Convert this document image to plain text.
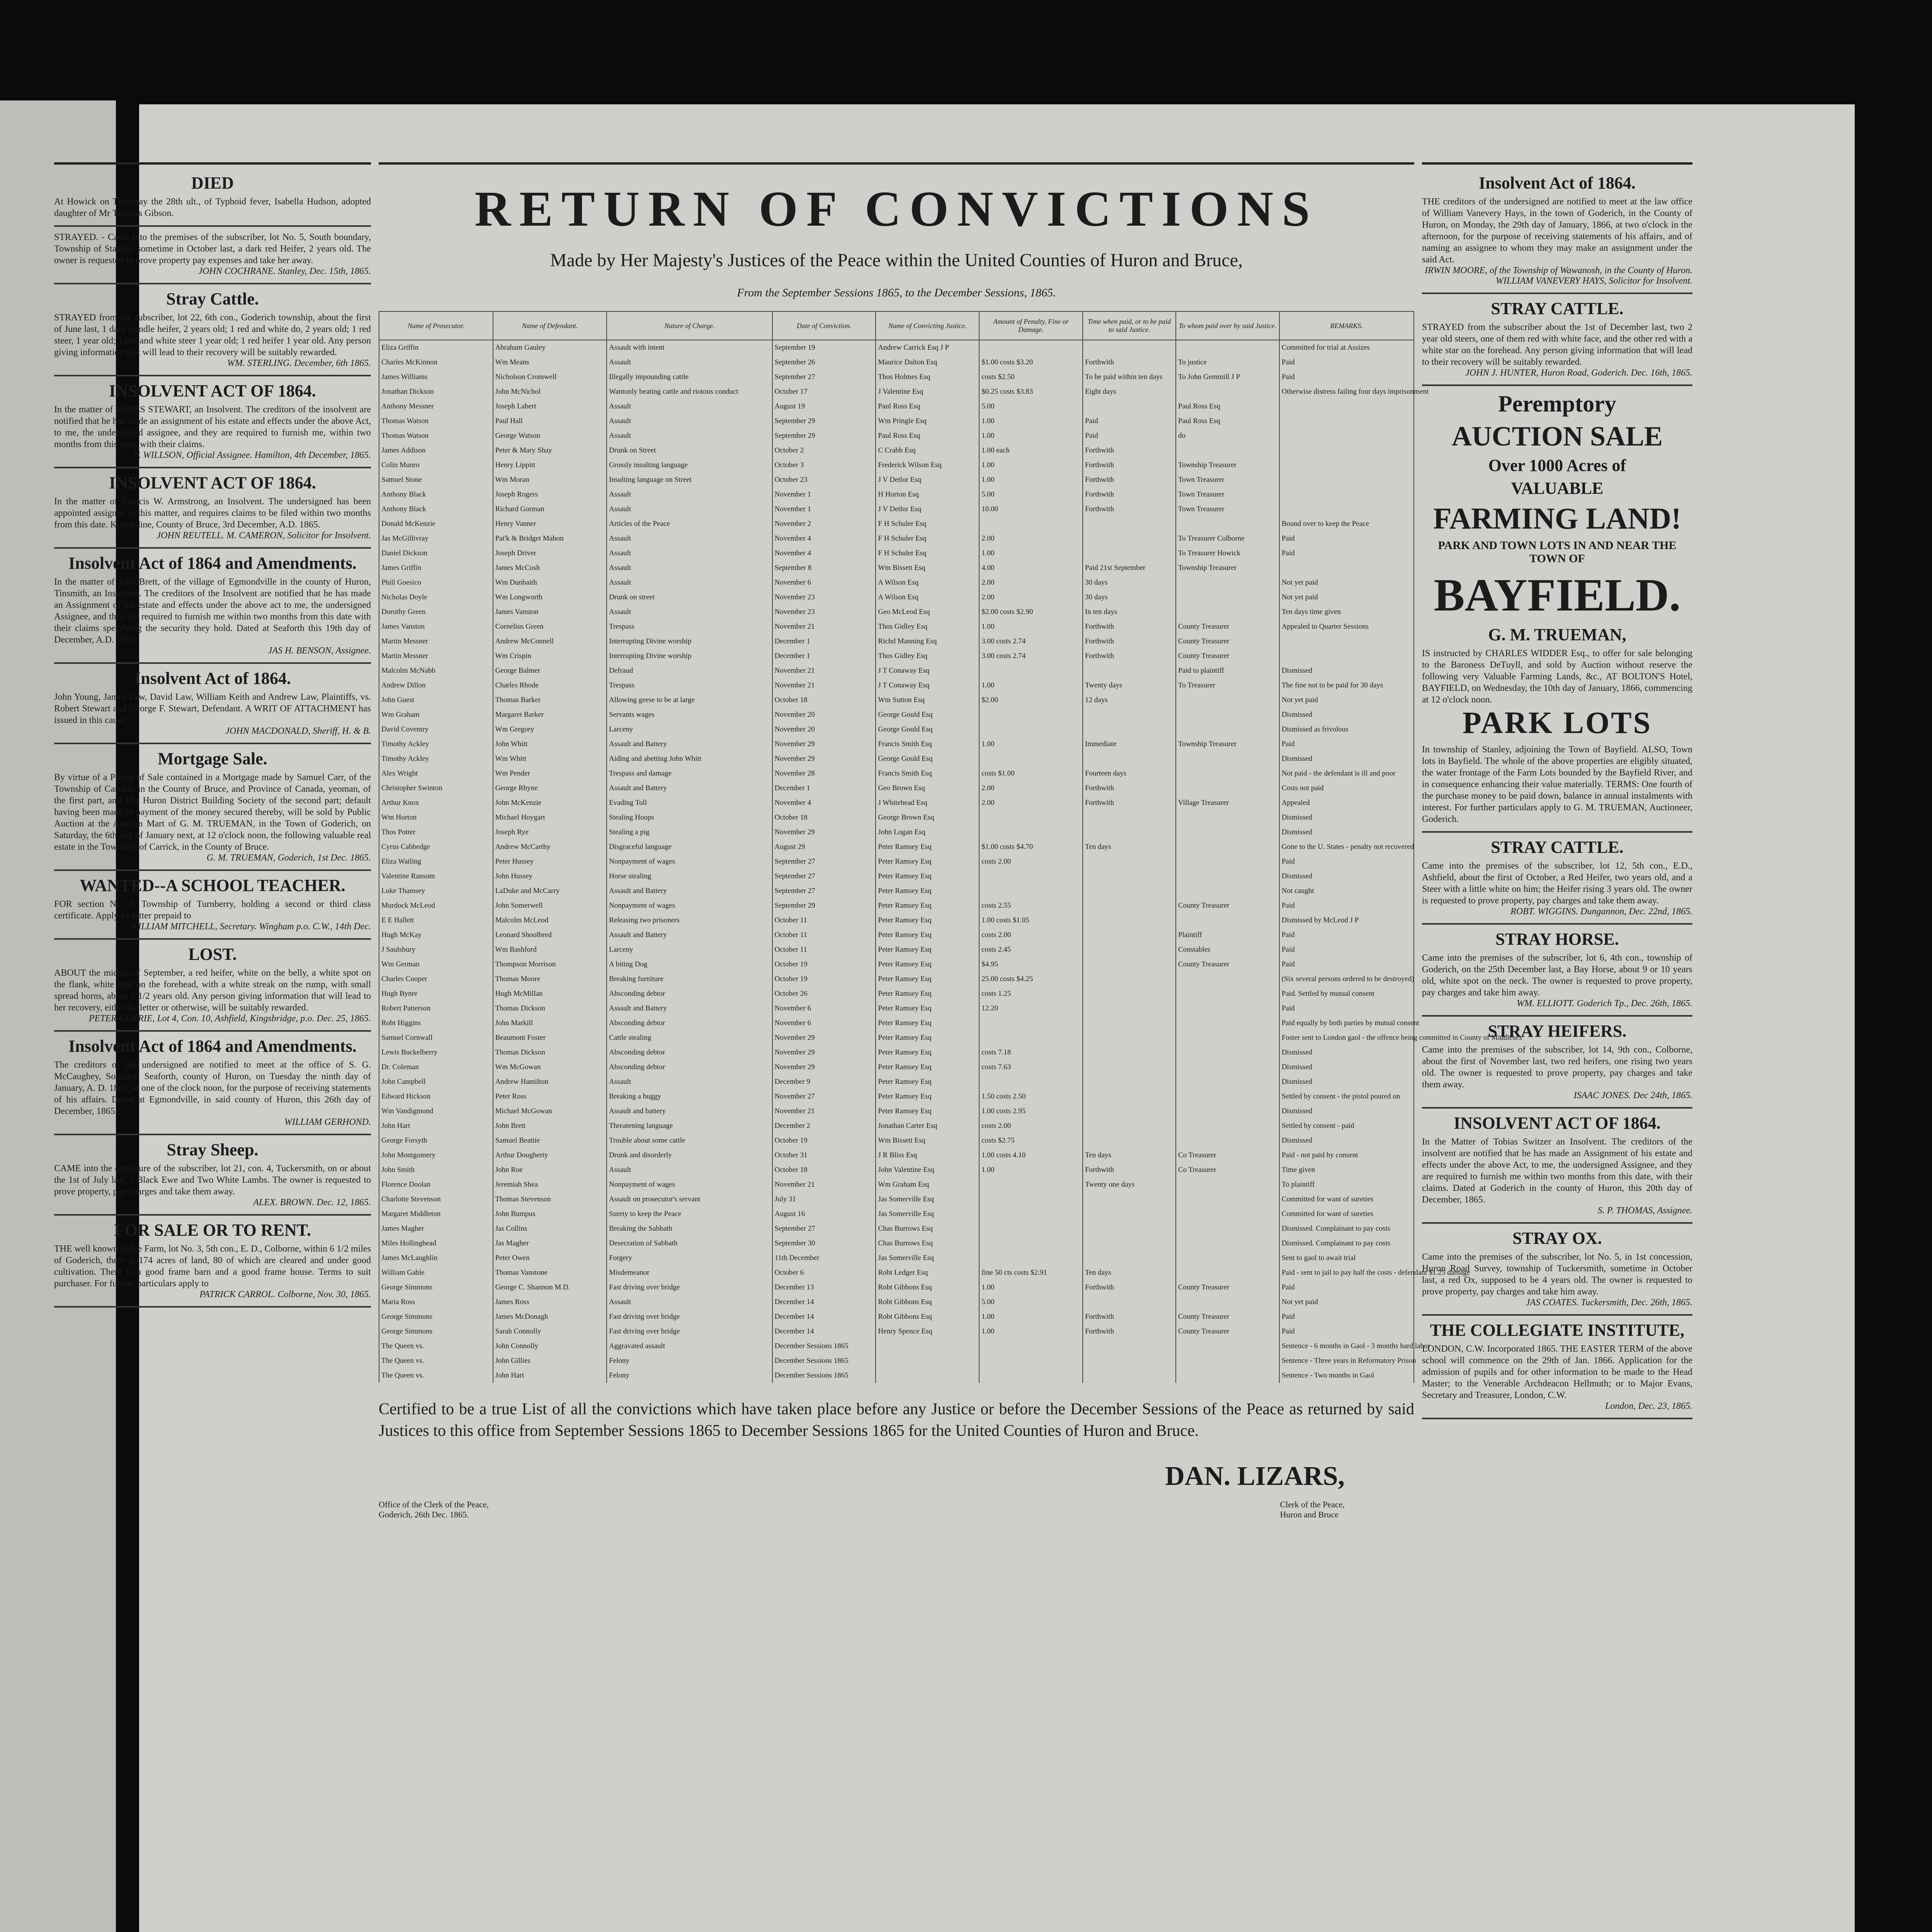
DIED

At Howick on Thursday the 28th ult., of Typhoid fever, Isabella Hudson, adopted daughter of Mr Thomas Gibson.

STRAYED. - Came into the premises of the subscriber, lot No. 5, South boundary, Township of Stanley, sometime in October last, a dark red Heifer, 2 years old. The owner is requested to prove property pay expenses and take her away.

JOHN COCHRANE. Stanley, Dec. 15th, 1865.
Stray Cattle.

STRAYED from the subscriber, lot 22, 6th con., Goderich township, about the first of June last, 1 dark brindle heifer, 2 years old; 1 red and white do, 2 years old; 1 red steer, 1 year old; 1 red and white steer 1 year old; 1 red heifer 1 year old. Any person giving information that will lead to their recovery will be suitably rewarded.

WM. STERLING. December, 6th 1865.
INSOLVENT ACT OF 1864.

In the matter of JAMES STEWART, an Insolvent. The creditors of the insolvent are notified that he has made an assignment of his estate and effects under the above Act, to me, the undersigned assignee, and they are required to furnish me, within two months from this date, with their claims.

F. WILLSON, Official Assignee. Hamilton, 4th December, 1865.
INSOLVENT ACT OF 1864.

In the matter of Francis W. Armstrong, an Insolvent. The undersigned has been appointed assignee in this matter, and requires claims to be filed within two months from this date. Kincardine, County of Bruce, 3rd December, A.D. 1865.

JOHN REUTELL. M. CAMERON, Solicitor for Insolvent.
Insolvent Act of 1864 and Amendments.

In the matter of John Brett, of the village of Egmondville in the county of Huron, Tinsmith, an Insolvent. The creditors of the Insolvent are notified that he has made an Assignment of his estate and effects under the above act to me, the undersigned Assignee, and they are required to furnish me within two months from this date with their claims specifying the security they hold. Dated at Seaforth this 19th day of December, A.D. 1865.

JAS H. BENSON, Assignee.
Insolvent Act of 1864.

John Young, James Law, David Law, William Keith and Andrew Law, Plaintiffs, vs. Robert Stewart and George F. Stewart, Defendant. A WRIT OF ATTACHMENT has issued in this cause.

JOHN MACDONALD, Sheriff, H. & B.
Mortgage Sale.

By virtue of a Power of Sale contained in a Mortgage made by Samuel Carr, of the Township of Carrick, in the County of Bruce, and Province of Canada, yeoman, of the first part, and The Huron District Building Society of the second part; default having been made in payment of the money secured thereby, will be sold by Public Auction at the Auction Mart of G. M. TRUEMAN, in the Town of Goderich, on Saturday, the 6th day of January next, at 12 o'clock noon, the following valuable real estate in the Township of Carrick, in the County of Bruce.

G. M. TRUEMAN, Goderich, 1st Dec. 1865.
WANTED--A SCHOOL TEACHER.

FOR section No. 6, Township of Turnberry, holding a second or third class certificate. Apply by letter prepaid to

WILLIAM MITCHELL, Secretary. Wingham p.o. C.W., 14th Dec.
LOST.

ABOUT the middle of September, a red heifer, white on the belly, a white spot on the flank, white spot on the forehead, with a white streak on the rump, with small spread horns, about 2 1/2 years old. Any person giving information that will lead to her recovery, either by letter or otherwise, will be suitably rewarded.

PETER GORRIE, Lot 4, Con. 10, Ashfield, Kingsbridge, p.o. Dec. 25, 1865.
Insolvent Act of 1864 and Amendments.

The creditors of the undersigned are notified to meet at the office of S. G. McCaughey, Solicitor, Seaforth, county of Huron, on Tuesday the ninth day of January, A. D. 1866, at one of the clock noon, for the purpose of receiving statements of his affairs. Dated at Egmondville, in said county of Huron, this 26th day of December, 1865.

WILLIAM GERHOND.
Stray Sheep.

CAME into the enclosure of the subscriber, lot 21, con. 4, Tuckersmith, on or about the 1st of July last, a Black Ewe and Two White Lambs. The owner is requested to prove property, pay charges and take them away.

ALEX. BROWN. Dec. 12, 1865.
FOR SALE OR TO RENT.

THE well known Judge Farm, lot No. 3, 5th con., E. D., Colborne, within 6 1/2 miles of Goderich, there is 174 acres of land, 80 of which are cleared and under good cultivation. There is a good frame barn and a good frame house. Terms to suit purchaser. For further particulars apply to

PATRICK CARROL. Colborne, Nov. 30, 1865.
RETURN OF CONVICTIONS
Made by Her Majesty's Justices of the Peace within the United Counties of Huron and Bruce,
From the September Sessions 1865, to the December Sessions, 1865.
Name of Prosecutor.	Name of Defendant.	Nature of Charge.	Date of Conviction.	Name of Convicting Justice.	Amount of Penalty, Fine or Damage.	Time when paid, or to be paid to said Justice.	To whom paid over by said Justice.	REMARKS.
Eliza Griffin	Abraham Gauley	Assault with intent	September 19	Andrew Carrick Esq J P				Committed for trial at Assizes
Charles McKinnon	Wm Means	Assault	September 26	Maurice Dalton Esq	$1.00 costs $3.20	Forthwith	To justice	Paid
James Williams	Nicholson Cromwell	Illegally impounding cattle	September 27	Thos Holmes Esq	costs $2.50	To be paid within ten days	To John Gemmill J P	Paid
Jonathan Dickson	John McNichol	Wantonly beating cattle and riotous conduct	October 17	J Valentine Esq	$0.25 costs $3.83	Eight days		Otherwise distress failing four days imprisonment
Anthony Messner	Joseph Labert	Assault	August 19	Paul Ross Esq	5.00		Paul Ross Esq	
Thomas Watson	Paul Hall	Assault	September 29	Wm Pringle Esq	1.00	Paid	Paul Ross Esq	
Thomas Watson	George Watson	Assault	September 29	Paul Ross Esq	1.00	Paid	do	
James Addison	Peter & Mary Shay	Drunk on Street	October 2	C Crabb Esq	1.00 each	Forthwith		
Colin Munro	Henry Lippitt	Grossly insulting language	October 3	Frederick Wilson Esq	1.00	Forthwith	Township Treasurer	
Samuel Stone	Wm Moran	Insulting language on Street	October 23	J V Detlor Esq	1.00	Forthwith	Town Treasurer	
Anthony Black	Joseph Rogers	Assault	November 1	H Horton Esq	5.00	Forthwith	Town Treasurer	
Anthony Black	Richard Gorman	Assault	November 1	J V Detlor Esq	10.00	Forthwith	Town Treasurer	
Donald McKenzie	Henry Vanner	Articles of the Peace	November 2	F H Schuler Esq				Bound over to keep the Peace
Jas McGillivray	Pat'k & Bridget Mahon	Assault	November 4	F H Schuler Esq	2.00		To Treasurer Colborne	Paid
Daniel Dickson	Joseph Driver	Assault	November 4	F H Schuler Esq	1.00		To Treasurer Howick	Paid
James Griffin	James McCosh	Assault	September 8	Wm Bissett Esq	4.00	Paid 21st September	Township Treasurer	
Phill Goesico	Wm Dunbaith	Assault	November 6	A Wilson Esq	2.00	30 days		Not yet paid
Nicholas Doyle	Wm Longworth	Drunk on street	November 23	A Wilson Esq	2.00	30 days		Not yet paid
Dorothy Green	James Vanston	Assault	November 23	Geo McLeod Esq	$2.00 costs $2.90	In ten days		Ten days time given
James Vanston	Cornelius Green	Trespass	November 21	Thos Gidley Esq	1.00	Forthwith	County Treasurer	Appealed to Quarter Sessions
Martin Messner	Andrew McConnell	Interrupting Divine worship	December 1	Richd Manning Esq	3.00 costs 2.74	Forthwith	County Treasurer	
Martin Messner	Wm Crispin	Interrupting Divine worship	December 1	Thos Gidley Esq	3.00 costs 2.74	Forthwith	County Treasurer	
Malcolm McNabb	George Balmer	Defraud	November 21	J T Conaway Esq			Paid to plaintiff	Dismissed
Andrew Dillon	Charles Rhode	Trespass	November 21	J T Conaway Esq	1.00	Twenty days	To Treasurer	The fine not to be paid for 30 days
John Guest	Thomas Barker	Allowing geese to be at large	October 18	Wm Sutton Esq	$2.00	12 days		Not yet paid
Wm Graham	Margaret Barker	Servants wages	November 20	George Gould Esq				Dismissed
David Coventry	Wm Gregory	Larceny	November 20	George Gould Esq				Dismissed as frivolous
Timothy Ackley	John Whitt	Assault and Battery	November 29	Francis Smith Esq	1.00	Immediate	Township Treasurer	Paid
Timothy Ackley	Wm Whitt	Aiding and abetting John Whitt	November 29	George Gould Esq				Dismissed
Alex Wright	Wm Pender	Trespass and damage	November 28	Francis Smith Esq	costs $1.00	Fourteen days		Not paid - the defendant is ill and poor
Christopher Swinton	George Rhyne	Assault and Battery	December 1	Geo Brown Esq	2.00	Forthwith		Costs not paid
Arthur Knox	John McKenzie	Evading Toll	November 4	J Whitehead Esq	2.00	Forthwith	Village Treasurer	Appealed
Wm Horton	Michael Hoygart	Stealing Hoops	October 18	George Brown Esq				Dismissed
Thos Potter	Joseph Rye	Stealing a pig	November 29	John Logan Esq				Dismissed
Cyrus Cabbedge	Andrew McCarthy	Disgraceful language	August 29	Peter Ramsey Esq	$1.00 costs $4.70	Ten days		Gone to the U. States - penalty not recovered
Eliza Watling	Peter Hussey	Nonpayment of wages	September 27	Peter Ramsey Esq	costs 2.00			Paid
Valentine Ransom	John Hussey	Horse stealing	September 27	Peter Ramsey Esq				Dismissed
Luke Thamsey	LaDuke and McCarry	Assault and Battery	September 27	Peter Ramsey Esq				Not caught
Murdock McLeod	John Somerwell	Nonpayment of wages	September 29	Peter Ramsey Esq	costs 2.55		County Treasurer	Paid
E E Hallett	Malcolm McLeod	Releasing two prisoners	October 11	Peter Ramsey Esq	1.00 costs $1.05			Dismissed by McLeod J P
Hugh McKay	Leonard Shoolbred	Assault and Battery	October 11	Peter Ramsey Esq	costs 2.00		Plaintiff	Paid
J Saulsbury	Wm Bashford	Larceny	October 11	Peter Ramsey Esq	costs 2.45		Constables	Paid
Wm German	Thompson Morrison	A biting Dog	October 19	Peter Ramsey Esq	$4.95		County Treasurer	Paid
Charles Cooper	Thomas Moore	Breaking furniture	October 19	Peter Ramsey Esq	25.00 costs $4.25			(Six several persons ordered to be destroyed)
Hugh Bynre	Hugh McMillan	Absconding debtor	October 26	Peter Ramsey Esq	costs 1.25			Paid. Settled by mutual consent
Robert Patterson	Thomas Dickson	Assault and Battery	November 6	Peter Ramsey Esq	12.20			Paid
Robt Higgins	John Markill	Absconding debtor	November 6	Peter Ramsey Esq				Paid equally by both parties by mutual consent
Samuel Cornwall	Beaumont Foster	Cattle stealing	November 29	Peter Ramsey Esq				Foster sent to London gaol - the offence being committed in County of Middlesex
Lewis Buckelberry	Thomas Dickson	Absconding debtor	November 29	Peter Ramsey Esq	costs 7.18			Dismissed
Dr. Coleman	Wm McGowan	Absconding debtor	November 29	Peter Ramsey Esq	costs 7.63			Dismissed
John Campbell	Andrew Hamilton	Assault	December 9	Peter Ramsey Esq				Dismissed
Edward Hickson	Peter Ross	Breaking a buggy	November 27	Peter Ramsey Esq	1.50 costs 2.50			Settled by consent - the pistol poured on
Wm Vandigmond	Michael McGowan	Assault and battery	November 21	Peter Ramsey Esq	1.00 costs 2.95			Dismissed
John Hart	John Brett	Threatening language	December 2	Jonathan Carter Esq	costs 2.00			Settled by consent - paid
George Forsyth	Samuel Beattie	Trouble about some cattle	October 19	Wm Bissett Esq	costs $2.75			Dismissed
John Montgomery	Arthur Dougherty	Drunk and disorderly	October 31	J R Bliss Esq	1.00 costs 4.10	Ten days	Co Treasurer	Paid - not paid by consent
John Smith	John Roe	Assault	October 18	John Valentine Esq	1.00	Forthwith	Co Treasurer	Time given
Florence Doolan	Jeremiah Shea	Nonpayment of wages	November 21	Wm Graham Esq		Twenty one days		To plaintiff
Charlotte Stevenson	Thomas Stevenson	Assault on prosecutor's servant	July 31	Jas Somerville Esq				Committed for want of sureties
Margaret Middleton	John Bumpus	Surety to keep the Peace	August 16	Jas Somerville Esq				Committed for want of sureties
James Magher	Jas Collins	Breaking the Sabbath	September 27	Chas Burrows Esq				Dismissed. Complainant to pay costs
Miles Hollinghead	Jas Magher	Desecration of Sabbath	September 30	Chas Burrows Esq				Dismissed. Complainant to pay costs
James McLaughlin	Peter Owen	Forgery	11th December	Jas Somerville Esq				Sent to gaol to await trial
William Gable	Thomas Vanstone	Misdemeanor	October 6	Robt Ledger Esq	fine 50 cts costs $2.91	Ten days		Paid - sent to jail to pay half the costs - defendant $1.25 damage
George Simmons	George C. Shannon M.D.	Fast driving over bridge	December 13	Robt Gibbons Esq	1.00	Forthwith	County Treasurer	Paid
Maria Ross	James Ross	Assault	December 14	Robt Gibbons Esq	5.00			Not yet paid
George Simmons	James McDonagh	Fast driving over bridge	December 14	Robt Gibbons Esq	1.00	Forthwith	County Treasurer	Paid
George Simmons	Sarah Connolly	Fast driving over bridge	December 14	Henry Spence Esq	1.00	Forthwith	County Treasurer	Paid
The Queen vs.	John Connolly	Aggravated assault	December Sessions 1865					Sentence - 6 months in Gaol - 3 months hard labor
The Queen vs.	John Gillies	Felony	December Sessions 1865					Sentence - Three years in Reformatory Prison
The Queen vs.	John Hart	Felony	December Sessions 1865					Sentence - Two months in Gaol
Certified to be a true List of all the convictions which have taken place before any Justice or before the December Sessions of the Peace as returned by said Justices to this office from September Sessions 1865 to December Sessions 1865 for the United Counties of Huron and Bruce.
DAN. LIZARS,
Office of the Clerk of the Peace,
Goderich, 26th Dec. 1865.
Clerk of the Peace,
Huron and Bruce
Insolvent Act of 1864.

THE creditors of the undersigned are notified to meet at the law office of William Vanevery Hays, in the town of Goderich, in the County of Huron, on Monday, the 29th day of January, 1866, at two o'clock in the afternoon, for the purpose of receiving statements of his affairs, and of naming an assignee to whom they may make an assignment under the said Act.

IRWIN MOORE, of the Township of Wawanosh, in the County of Huron. WILLIAM VANEVERY HAYS, Solicitor for Insolvent.
STRAY CATTLE.

STRAYED from the subscriber about the 1st of December last, two 2 year old steers, one of them red with white face, and the other red with a white star on the forehead. Any person giving information that will lead to their recovery will be suitably rewarded.

JOHN J. HUNTER, Huron Road, Goderich. Dec. 16th, 1865.
Peremptory
AUCTION SALE
Over 1000 Acres of
VALUABLE
FARMING LAND!
PARK AND TOWN LOTS IN AND NEAR THE TOWN OF
BAYFIELD.
G. M. TRUEMAN,

IS instructed by CHARLES WIDDER Esq., to offer for sale belonging to the Baroness DeTuyll, and sold by Auction without reserve the following very Valuable Farming Lands, &c., AT BOLTON'S Hotel, BAYFIELD, on Wednesday, the 10th day of January, 1866, commencing at 12 o'clock noon.

PARK LOTS

In township of Stanley, adjoining the Town of Bayfield. ALSO, Town lots in Bayfield. The whole of the above properties are eligibly situated, the water frontage of the Farm Lots bounded by the Bayfield River, and in consequence enhancing their value materially. TERMS: One fourth of the purchase money to be paid down, balance in annual instalments with interest. For further particulars apply to G. M. TRUEMAN, Auctioneer, Goderich.

STRAY CATTLE.

Came into the premises of the subscriber, lot 12, 5th con., E.D., Ashfield, about the first of October, a Red Heifer, two years old, and a Steer with a little white on him; the Heifer rising 3 years old. The owner is requested to prove property, pay charges and take them away.

ROBT. WIGGINS. Dungannon, Dec. 22nd, 1865.
STRAY HORSE.

Came into the premises of the subscriber, lot 6, 4th con., township of Goderich, on the 25th December last, a Bay Horse, about 9 or 10 years old, white spot on the neck. The owner is requested to prove property, pay charges and take him away.

WM. ELLIOTT. Goderich Tp., Dec. 26th, 1865.
STRAY HEIFERS.

Came into the premises of the subscriber, lot 14, 9th con., Colborne, about the first of November last, two red heifers, one rising two years old. The owner is requested to prove property, pay charges and take them away.

ISAAC JONES. Dec 24th, 1865.
INSOLVENT ACT OF 1864.

In the Matter of Tobias Switzer an Insolvent. The creditors of the insolvent are notified that he has made an Assignment of his estate and effects under the above Act, to me, the undersigned Assignee, and they are required to furnish me within two months from this date, with their claims. Dated at Goderich in the county of Huron, this 20th day of December, 1865.

S. P. THOMAS, Assignee.
STRAY OX.

Came into the premises of the subscriber, lot No. 5, in 1st concession, Huron Road Survey, township of Tuckersmith, sometime in October last, a red Ox, supposed to be 4 years old. The owner is requested to prove property, pay charges and take him away.

JAS COATES. Tuckersmith, Dec. 26th, 1865.
THE COLLEGIATE INSTITUTE,

LONDON, C.W. Incorporated 1865. THE EASTER TERM of the above school will commence on the 29th of Jan. 1866. Application for the admission of pupils and for other information to be made to the Head Master; to the Venerable Archdeacon Hellmuth; or to Major Evans, Secretary and Treasurer, London, C.W.

London, Dec. 23, 1865.
